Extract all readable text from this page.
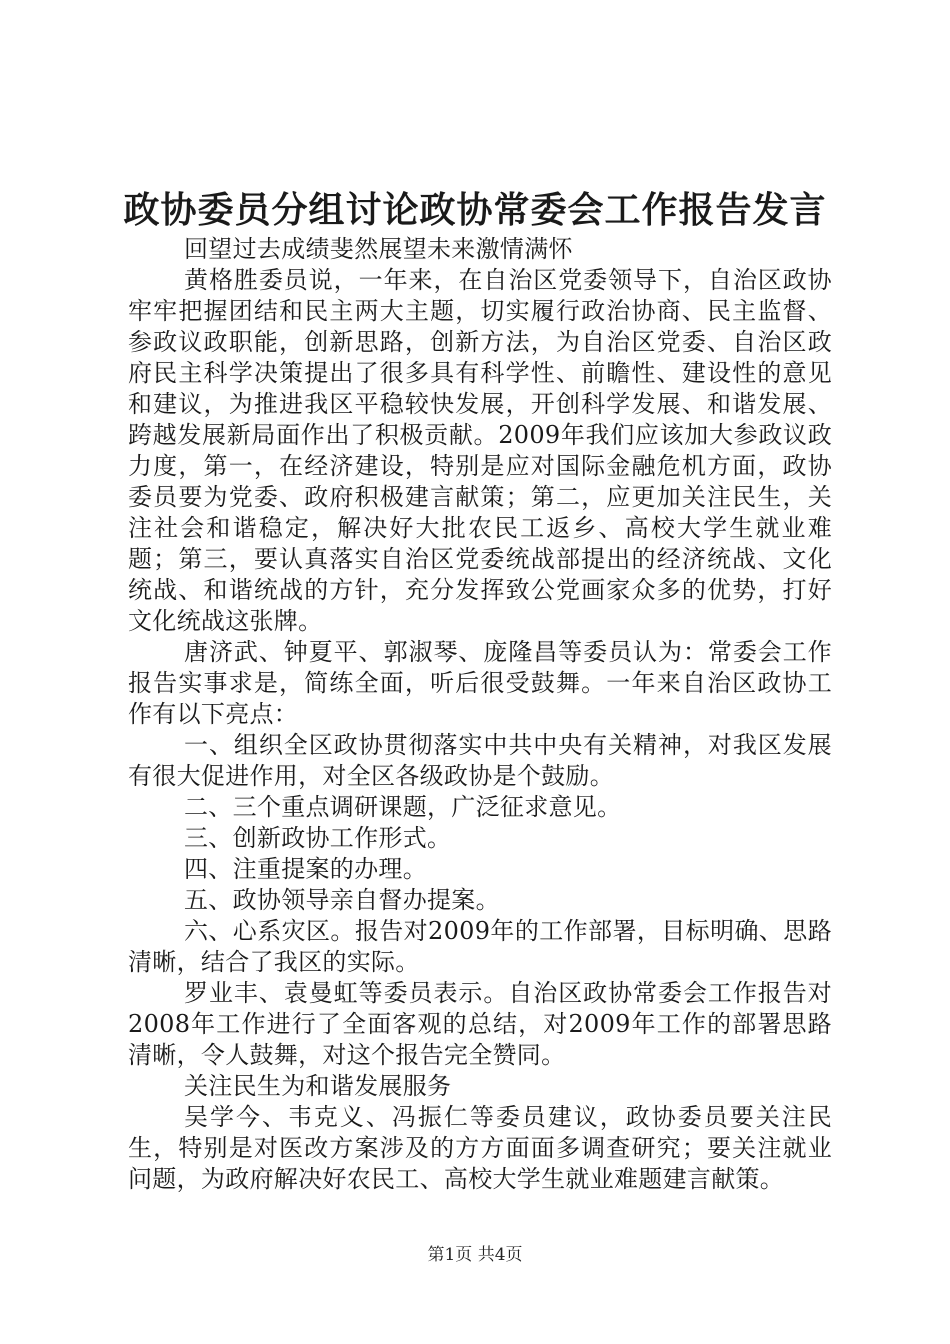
政协委员分组讨论政协常委会工作报告发言

回望过去成绩斐然展望未来激情满怀

黄格胜委员说，一年来，在自治区党委领导下，自治区政协牢牢把握团结和民主两大主题，切实履行政治协商、民主监督、参政议政职能，创新思路，创新方法，为自治区党委、自治区政府民主科学决策提出了很多具有科学性、前瞻性、建设性的意见和建议，为推进我区平稳较快发展，开创科学发展、和谐发展、跨越发展新局面作出了积极贡献。2009年我们应该加大参政议政力度，第一，在经济建设，特别是应对国际金融危机方面，政协委员要为党委、政府积极建言献策；第二，应更加关注民生，关注社会和谐稳定，解决好大批农民工返乡、高校大学生就业难题；第三，要认真落实自治区党委统战部提出的经济统战、文化统战、和谐统战的方针，充分发挥致公党画家众多的优势，打好文化统战这张牌。

唐济武、钟夏平、郭淑琴、庞隆昌等委员认为：常委会工作报告实事求是，简练全面，听后很受鼓舞。一年来自治区政协工作有以下亮点：

一、组织全区政协贯彻落实中共中央有关精神，对我区发展有很大促进作用，对全区各级政协是个鼓励。

二、三个重点调研课题，广泛征求意见。

三、创新政协工作形式。

四、注重提案的办理。

五、政协领导亲自督办提案。

六、心系灾区。报告对2009年的工作部署，目标明确、思路清晰，结合了我区的实际。

罗业丰、袁曼虹等委员表示。自治区政协常委会工作报告对2008年工作进行了全面客观的总结，对2009年工作的部署思路清晰，令人鼓舞，对这个报告完全赞同。

关注民生为和谐发展服务

吴学今、韦克义、冯振仁等委员建议，政协委员要关注民生，特别是对医改方案涉及的方方面面多调查研究；要关注就业问题，为政府解决好农民工、高校大学生就业难题建言献策。

第1页 共4页
